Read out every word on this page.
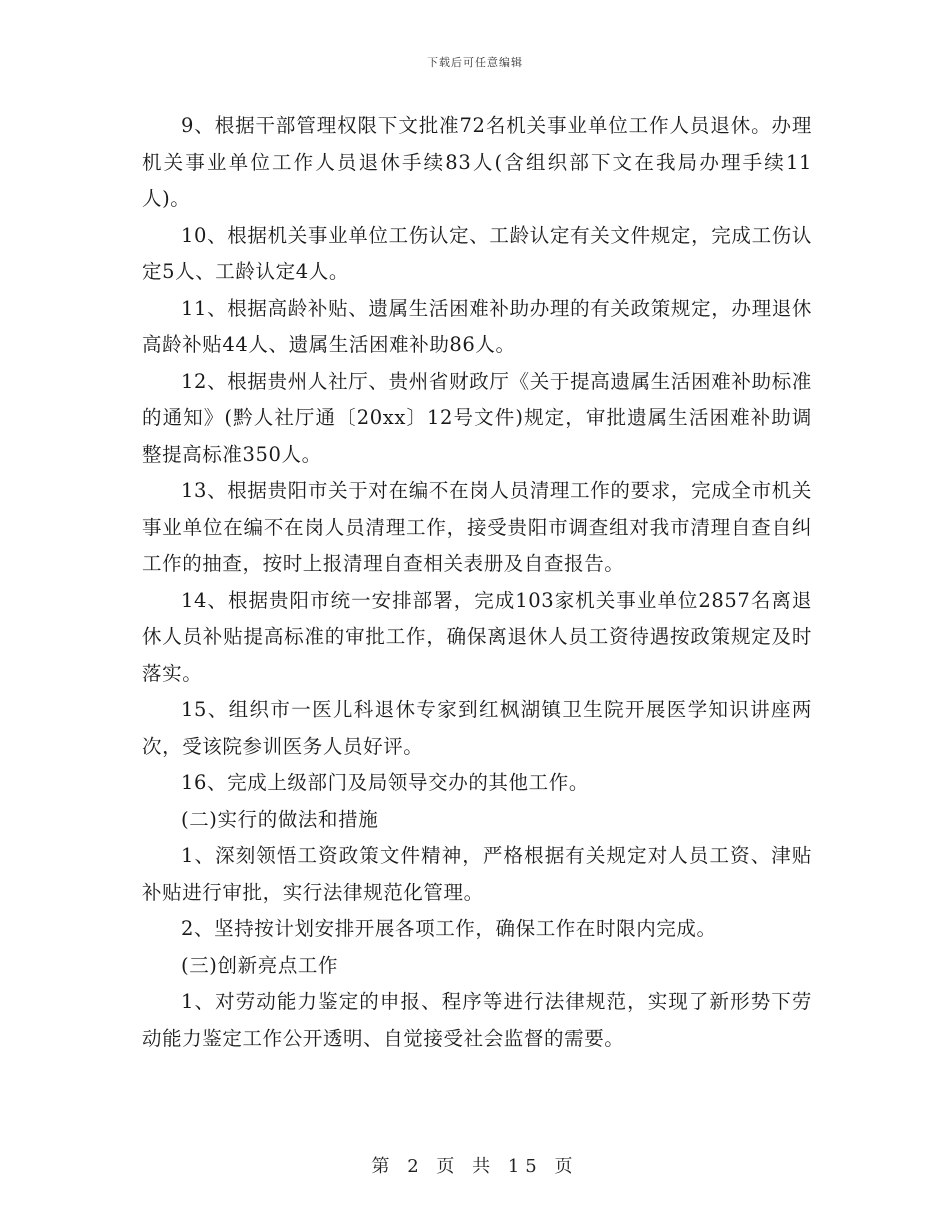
下载后可任意编辑

9、根据干部管理权限下文批准72名机关事业单位工作人员退休。办理机关事业单位工作人员退休手续83人(含组织部下文在我局办理手续11人)。

10、根据机关事业单位工伤认定、工龄认定有关文件规定，完成工伤认定5人、工龄认定4人。

11、根据高龄补贴、遗属生活困难补助办理的有关政策规定，办理退休高龄补贴44人、遗属生活困难补助86人。

12、根据贵州人社厅、贵州省财政厅《关于提高遗属生活困难补助标准的通知》(黔人社厅通〔20xx〕12号文件)规定，审批遗属生活困难补助调整提高标准350人。

13、根据贵阳市关于对在编不在岗人员清理工作的要求，完成全市机关事业单位在编不在岗人员清理工作，接受贵阳市调查组对我市清理自查自纠工作的抽查，按时上报清理自查相关表册及自查报告。

14、根据贵阳市统一安排部署，完成103家机关事业单位2857名离退休人员补贴提高标准的审批工作，确保离退休人员工资待遇按政策规定及时落实。

15、组织市一医儿科退休专家到红枫湖镇卫生院开展医学知识讲座两次，受该院参训医务人员好评。

16、完成上级部门及局领导交办的其他工作。

(二)实行的做法和措施

1、深刻领悟工资政策文件精神，严格根据有关规定对人员工资、津贴补贴进行审批，实行法律规范化管理。

2、坚持按计划安排开展各项工作，确保工作在时限内完成。

(三)创新亮点工作

1、对劳动能力鉴定的申报、程序等进行法律规范，实现了新形势下劳动能力鉴定工作公开透明、自觉接受社会监督的需要。

第 2 页 共 15 页
